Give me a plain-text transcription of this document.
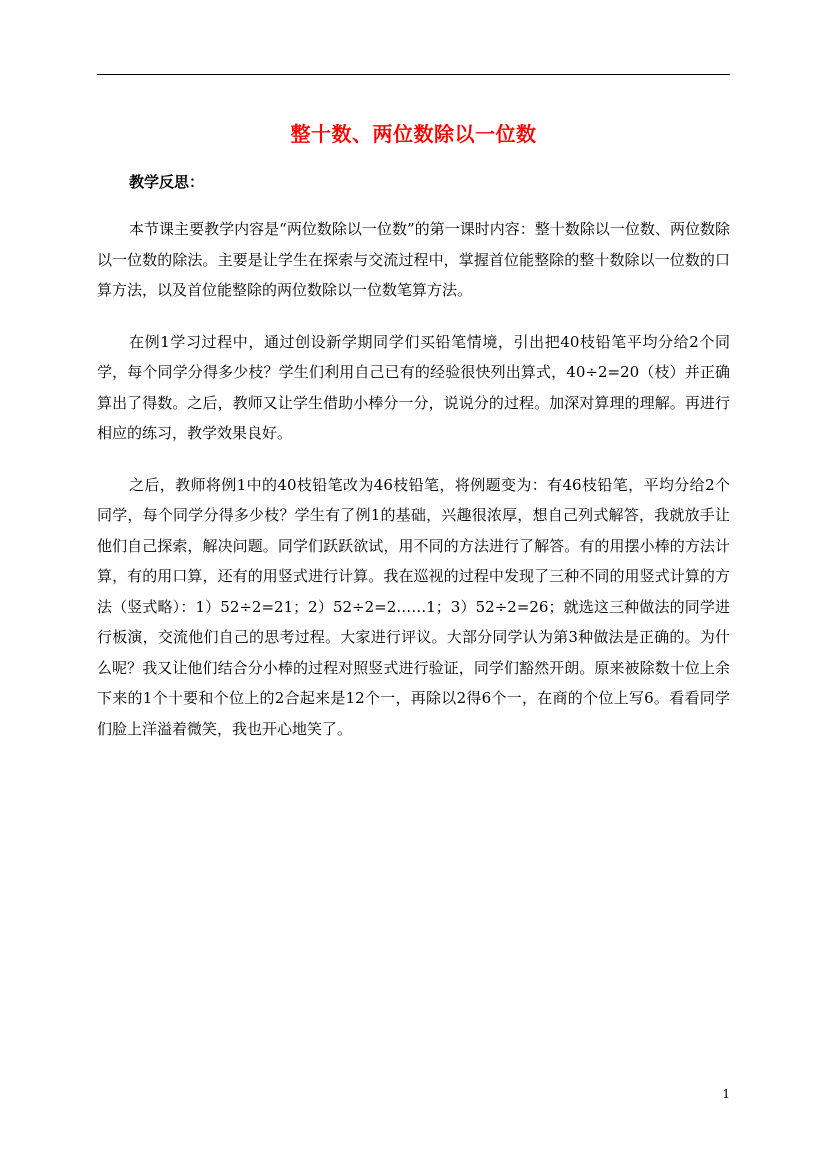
整十数、两位数除以一位数
教学反思：

本节课主要教学内容是“两位数除以一位数”的第一课时内容：整十数除以一位数、两位数除以一位数的除法。主要是让学生在探索与交流过程中，掌握首位能整除的整十数除以一位数的口算方法，以及首位能整除的两位数除以一位数笔算方法。

在例1学习过程中，通过创设新学期同学们买铅笔情境，引出把40枝铅笔平均分给2个同学，每个同学分得多少枝？学生们利用自己已有的经验很快列出算式，40÷2=20（枝）并正确算出了得数。之后，教师又让学生借助小棒分一分，说说分的过程。加深对算理的理解。再进行相应的练习，教学效果良好。

之后，教师将例1中的40枝铅笔改为46枝铅笔，将例题变为：有46枝铅笔，平均分给2个同学，每个同学分得多少枝？学生有了例1的基础，兴趣很浓厚，想自己列式解答，我就放手让他们自己探索，解决问题。同学们跃跃欲试，用不同的方法进行了解答。有的用摆小棒的方法计算，有的用口算，还有的用竖式进行计算。我在巡视的过程中发现了三种不同的用竖式计算的方法（竖式略）：1）52÷2=21；2）52÷2=2……1；3）52÷2=26；就选这三种做法的同学进行板演，交流他们自己的思考过程。大家进行评议。大部分同学认为第3种做法是正确的。为什么呢？我又让他们结合分小棒的过程对照竖式进行验证，同学们豁然开朗。原来被除数十位上余下来的1个十要和个位上的2合起来是12个一，再除以2得6个一，在商的个位上写6。看看同学们脸上洋溢着微笑，我也开心地笑了。

1
